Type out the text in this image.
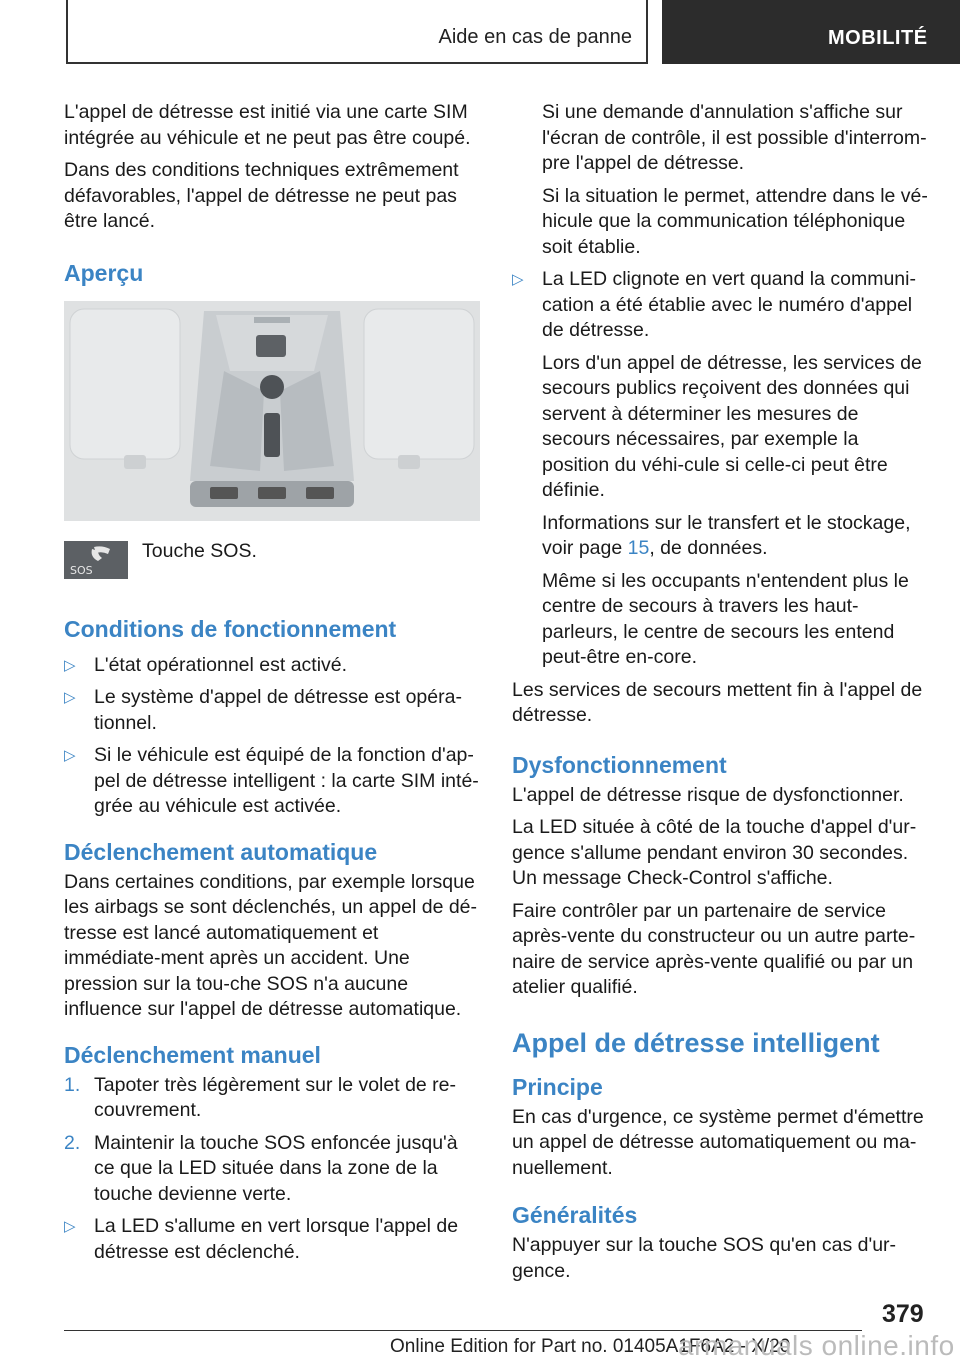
Aide en cas de panne	MOBILITÉ

L'appel de détresse est initié via une carte SIM intégrée au véhicule et ne peut pas être coupé.

Dans des conditions techniques extrêmement défavorables, l'appel de détresse ne peut pas être lancé.

Aperçu
SOS
Touche SOS.
Conditions de fonctionnement
▷ L'état opérationnel est activé.
▷ Le système d'appel de détresse est opéra-tionnel.
▷ Si le véhicule est équipé de la fonction d'ap-pel de détresse intelligent : la carte SIM inté-grée au véhicule est activée.
Déclenchement automatique

Dans certaines conditions, par exemple lorsque les airbags se sont déclenchés, un appel de dé-tresse est lancé automatiquement et immédiate-ment après un accident. Une pression sur la tou-che SOS n'a aucune influence sur l'appel de détresse automatique.

Déclenchement manuel
1. Tapoter très légèrement sur le volet de re-couvrement.
2. Maintenir la touche SOS enfoncée jusqu'à ce que la LED située dans la zone de la touche devienne verte.
▷ La LED s'allume en vert lorsque l'appel de détresse est déclenché.

Si une demande d'annulation s'affiche sur l'écran de contrôle, il est possible d'interrom-pre l'appel de détresse.

Si la situation le permet, attendre dans le vé-hicule que la communication téléphonique soit établie.

▷ La LED clignote en vert quand la communi-cation a été établie avec le numéro d'appel de détresse.

Lors d'un appel de détresse, les services de secours publics reçoivent des données qui servent à déterminer les mesures de secours nécessaires, par exemple la position du véhi-cule si celle-ci peut être définie.

Informations sur le transfert et le stockage, voir page 15, de données.

Même si les occupants n'entendent plus le centre de secours à travers les haut-parleurs, le centre de secours les entend peut-être en-core.

Les services de secours mettent fin à l'appel de détresse.

Dysfonctionnement

L'appel de détresse risque de dysfonctionner.

La LED située à côté de la touche d'appel d'ur-gence s'allume pendant environ 30 secondes. Un message Check-Control s'affiche.

Faire contrôler par un partenaire de service après-vente du constructeur ou un autre parte-naire de service après-vente qualifié ou par un atelier qualifié.

Appel de détresse intelligent
Principe

En cas d'urgence, ce système permet d'émettre un appel de détresse automatiquement ou ma-nuellement.

Généralités

N'appuyer sur la touche SOS qu'en cas d'ur-gence.

379
Online Edition for Part no. 01405A1F6A2 - X/20
armanuals online.info
